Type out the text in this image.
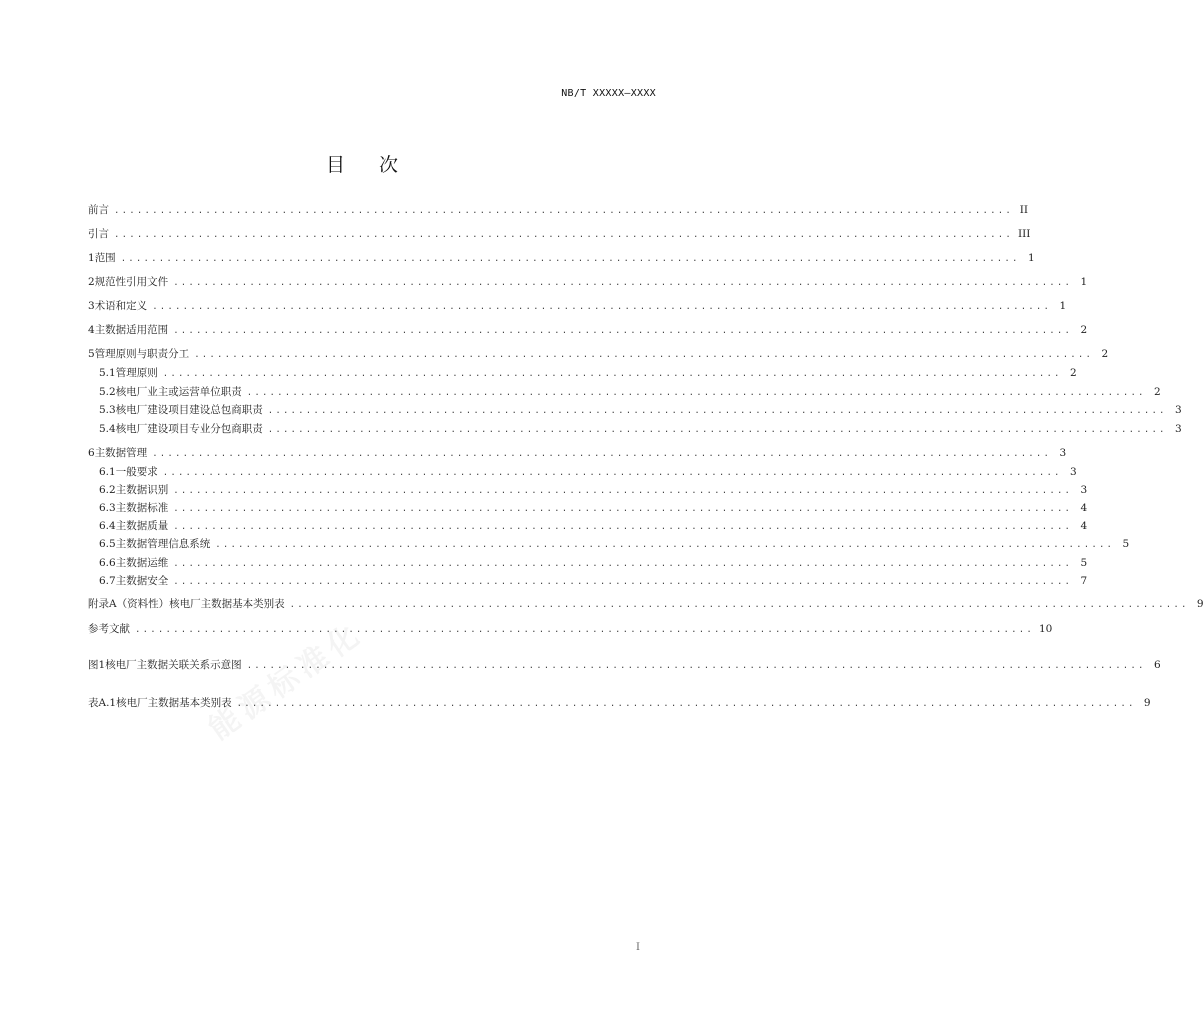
NB/T XXXXX—XXXX
目 次
前言 ...................................................................................................................... II
引言 ...................................................................................................................... III
1 范围 ...................................................................................................................... 1
2 规范性引用文件 ...................................................................................................................... 1
3 术语和定义 ...................................................................................................................... 1
4 主数据适用范围 ...................................................................................................................... 2
5 管理原则与职责分工 ...................................................................................................................... 2
5.1 管理原则 ...................................................................................................................... 2
5.2 核电厂业主或运营单位职责 ...................................................................................................................... 2
5.3 核电厂建设项目建设总包商职责 ...................................................................................................................... 3
5.4 核电厂建设项目专业分包商职责 ...................................................................................................................... 3
6 主数据管理 ...................................................................................................................... 3
6.1 一般要求 ...................................................................................................................... 3
6.2 主数据识别 ...................................................................................................................... 3
6.3 主数据标准 ...................................................................................................................... 4
6.4 主数据质量 ...................................................................................................................... 4
6.5 主数据管理信息系统 ...................................................................................................................... 5
6.6 主数据运维 ...................................................................................................................... 5
6.7 主数据安全 ...................................................................................................................... 7
附录A（资料性） 核电厂主数据基本类别表 ...................................................................................................................... 9
参考文献 ...................................................................................................................... 10
图1 核电厂主数据关联关系示意图 ...................................................................................................................... 6
表A.1 核电厂主数据基本类别表 ...................................................................................................................... 9
I
